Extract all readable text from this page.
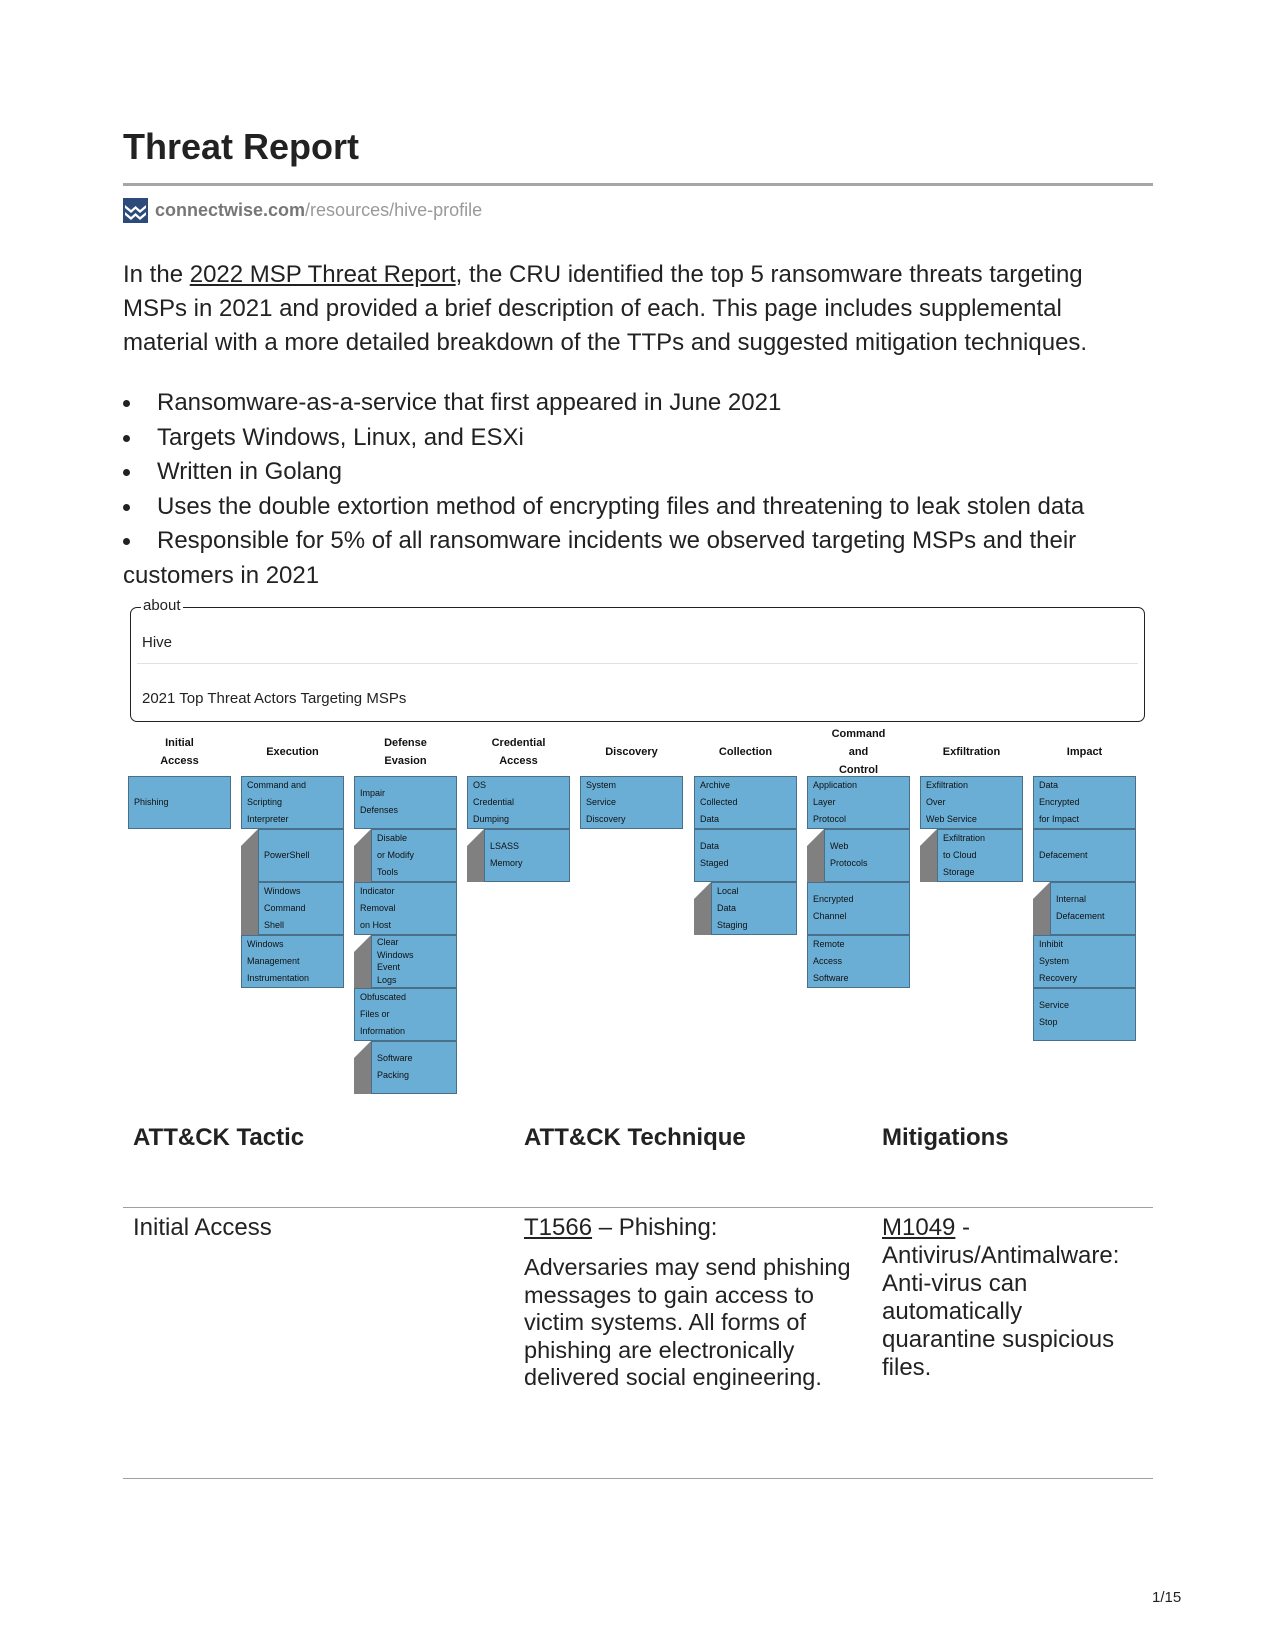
Threat Report
connectwise.com /resources/hive-profile

In the 2022 MSP Threat Report, the CRU identified the top 5 ransomware threats targeting MSPs in 2021 and provided a brief description of each. This page includes supplemental material with a more detailed breakdown of the TTPs and suggested mitigation techniques.

Ransomware-as-a-service that first appeared in June 2021
Targets Windows, Linux, and ESXi
Written in Golang
Uses the double extortion method of encrypting files and threatening to leak stolen data
Responsible for 5% of all ransomware incidents we observed targeting MSPs and their customers in 2021
about
Hive
2021 Top Threat Actors Targeting MSPs
Initial
Access
Execution
Defense
Evasion
Credential
Access
Discovery	Collection
Command
and
Control
Exfiltration	Impact
Phishing
Command and
Scripting
Interpreter
PowerShell
Windows
Command
Shell
Windows
Management
Instrumentation
Impair
Defenses
Disable
or Modify
Tools
Indicator
Removal
on Host
Clear
Windows
Event
Logs
Obfuscated
Files or
Information
Software
Packing
OS
Credential
Dumping
LSASS
Memory
System
Service
Discovery
Archive
Collected
Data
Data
Staged
Local
Data
Staging
Application
Layer
Protocol
Web
Protocols
Encrypted
Channel
Remote
Access
Software
Exfiltration
Over
Web Service
Exfiltration
to Cloud
Storage
Data
Encrypted
for Impact
Defacement
Internal
Defacement
Inhibit
System
Recovery
Service
Stop
ATT&CK Tactic	ATT&CK Technique	Mitigations
Initial Access	T1566 – Phishing:
Adversaries may send phishing messages to gain access to victim systems. All forms of phishing are electronically delivered social engineering.
M1049 - Antivirus/Antimalware: Anti-virus can automatically quarantine suspicious files.
1/15
